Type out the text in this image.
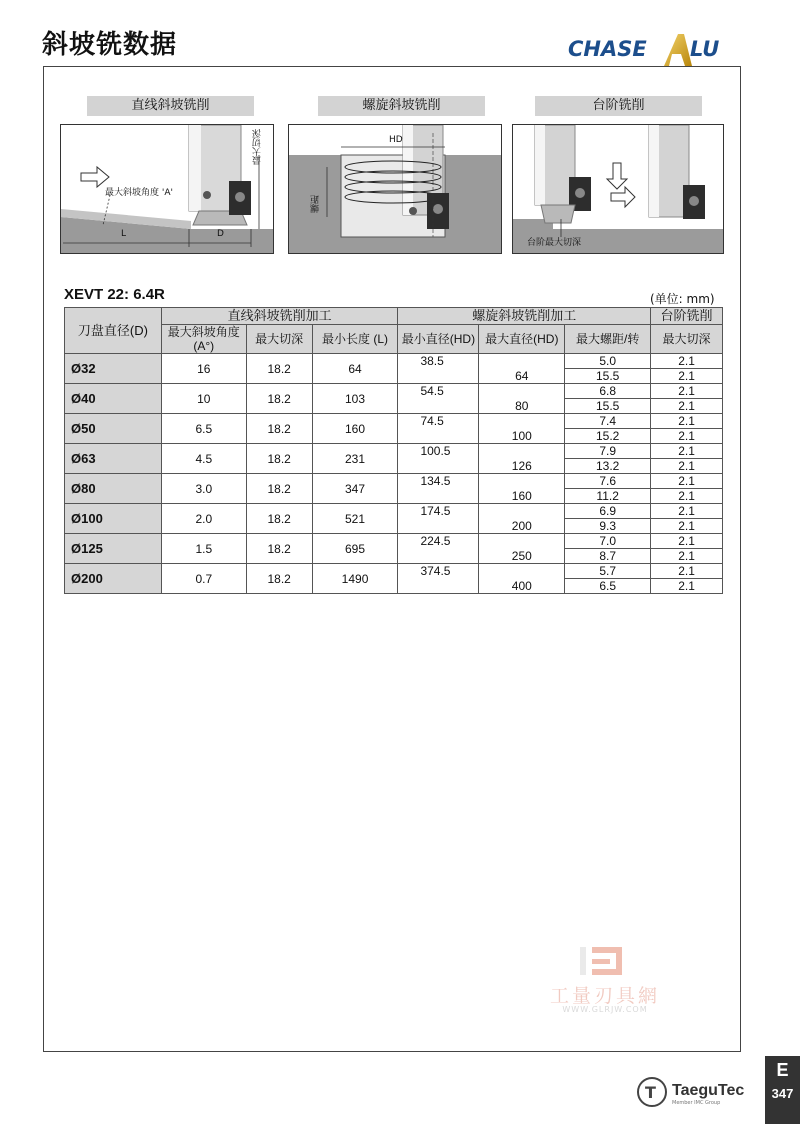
斜坡铣数据	CHASE LU
直线斜坡铣削	螺旋斜坡铣削	台阶铣削
最大斜坡角度 'A'
最大切深
L	D
HD
螺距
台阶最大切深
XEVT 22: 6.4R	(单位: mm)
刀盘直径(D)	直线斜坡铣削加工			螺旋斜坡铣削加工			台阶铣削
	最大斜坡角度 (A°)	最大切深	最小长度 (L)	最小直径(HD)	最大直径(HD)	最大螺距/转	最大切深
Ø32	16	18.2	64	38.5		5.0	2.1
					64	15.5	2.1
Ø40	10	18.2	103	54.5		6.8	2.1
					80	15.5	2.1
Ø50	6.5	18.2	160	74.5		7.4	2.1
					100	15.2	2.1
Ø63	4.5	18.2	231	100.5		7.9	2.1
					126	13.2	2.1
Ø80	3.0	18.2	347	134.5		7.6	2.1
					160	11.2	2.1
Ø100	2.0	18.2	521	174.5		6.9	2.1
					200	9.3	2.1
Ø125	1.5	18.2	695	224.5		7.0	2.1
					250	8.7	2.1
Ø200	0.7	18.2	1490	374.5		5.7	2.1
					400	6.5	2.1
工量刃具網
WWW.GLRJW.COM
T TaeguTec
Member IMC Group
E
347
